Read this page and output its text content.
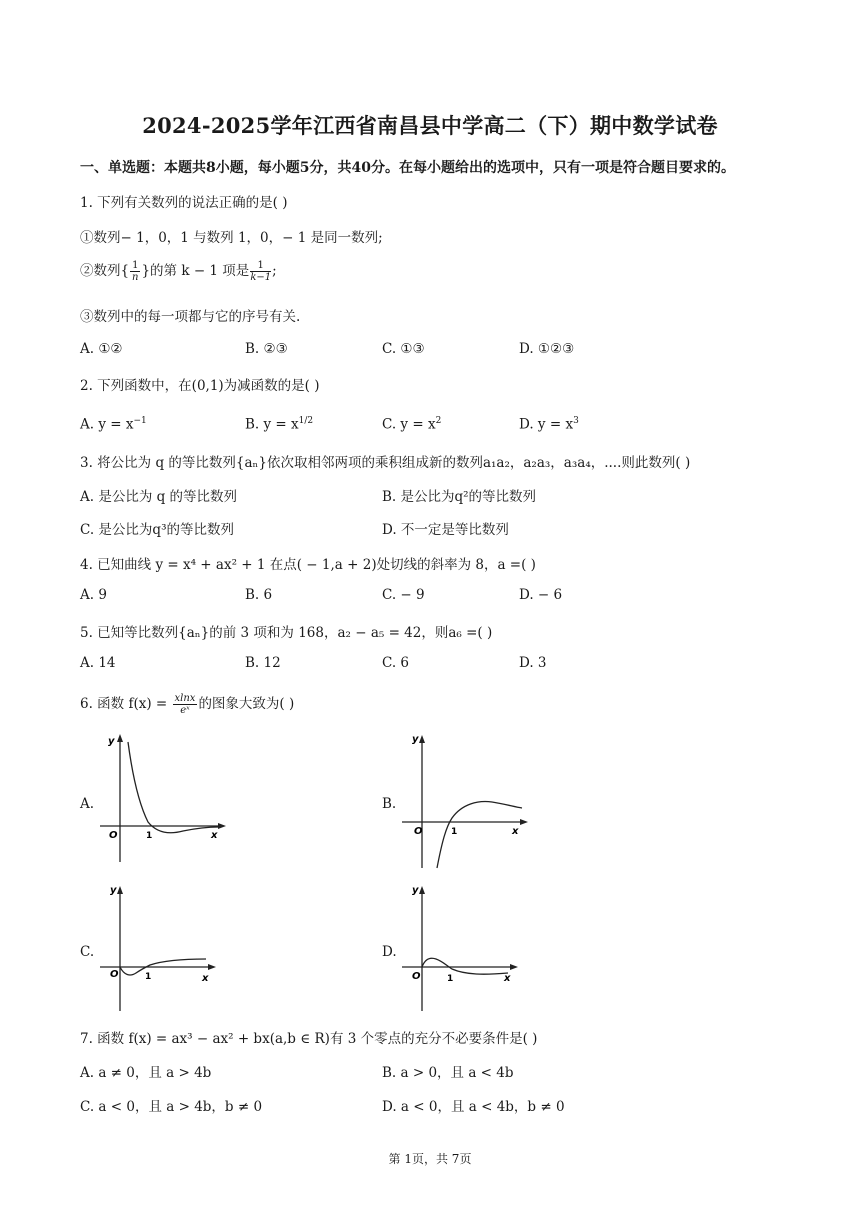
2024-2025学年江西省南昌县中学高二（下）期中数学试卷
一、单选题：本题共8小题，每小题5分，共40分。在每小题给出的选项中，只有一项是符合题目要求的。
1. 下列有关数列的说法正确的是( )
①数列− 1，0，1 与数列 1，0，− 1 是同一数列;
②数列{ $\frac{1}{n}$ }的第 k − 1 项是 $\frac{1}{k-1}$ ;
③数列中的每一项都与它的序号有关.
A. ①②	B. ②③	C. ①③	D. ①②③
2. 下列函数中，在(0,1)为减函数的是( )
A. $y = x^{-1}$	B. $y = x^{1/2}$	C. $y = x^2$	D. $y = x^3$
3. 将公比为 q 的等比数列{aₙ}依次取相邻两项的乘积组成新的数列a₁a₂，a₂a₃，a₃a₄，....则此数列( )
A. 是公比为 q 的等比数列	B. 是公比为q²的等比数列
C. 是公比为q³的等比数列	D. 不一定是等比数列
4. 已知曲线 y = x⁴ + ax² + 1 在点( − 1,a + 2)处切线的斜率为 8，a =( )
A. 9	B. 6	C. − 9	D. − 6
5. 已知等比数列{aₙ}的前 3 项和为 168，a₂ − a₅ = 42，则a₆ =( )
A. 14	B. 12	C. 6	D. 3
6. 函数 $f(x) = \frac{xlnx}{\text{eˣ}}$ 的图象大致为( )
A.	B.
C.	D.
y
x
O	1
y
x
O	1
y
x
O	1
y
x
O	1
7. 函数 f(x) = ax³ − ax² + bx(a,b ∈ R)有 3 个零点的充分不必要条件是( )
A. a ≠ 0，且 a > 4b	B. a > 0，且 a < 4b
C. a < 0，且 a > 4b，b ≠ 0	D. a < 0，且 a < 4b，b ≠ 0
第 1页，共 7页
